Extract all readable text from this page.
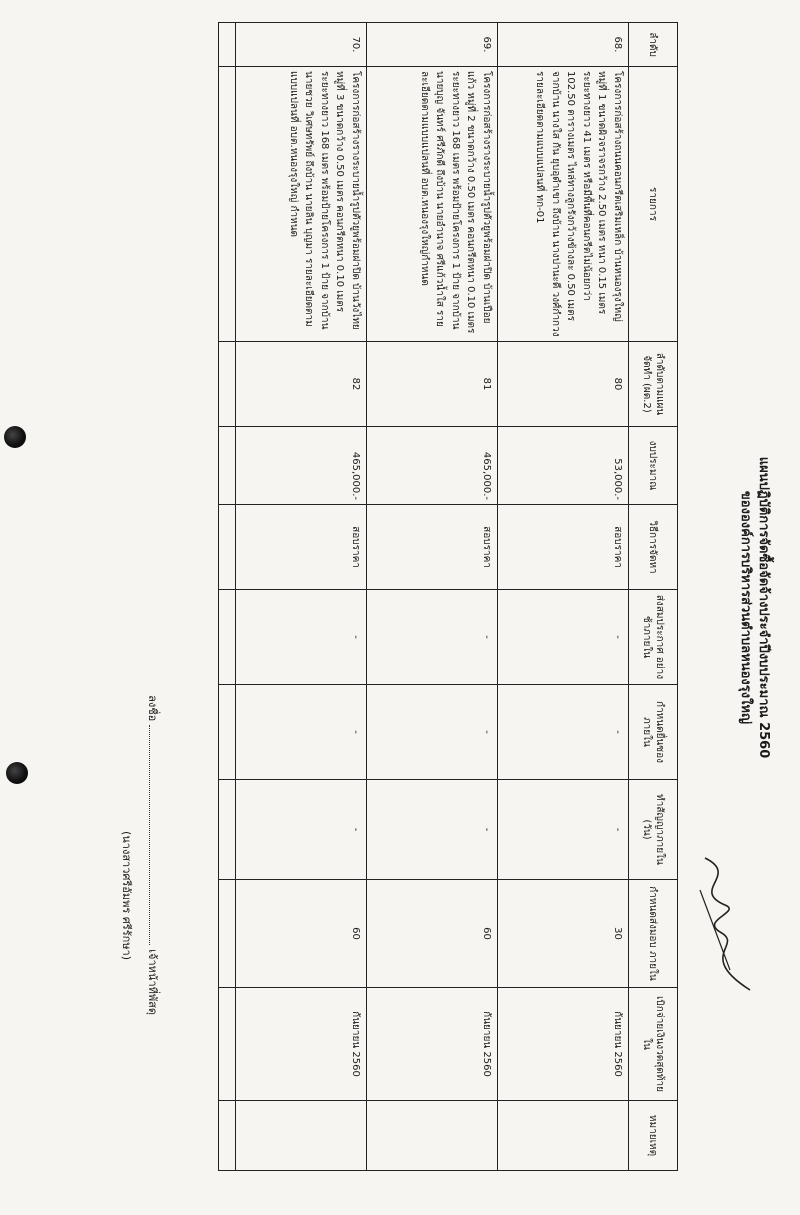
แผนปฏิบัติการจัดซื้อจัดจ้างประจำปีงบประมาณ 2560
ขององค์การบริหารส่วนตำบลหนองรุงใหญ่
ลำดับ	รายการ	ลำดับตามแผน จัดทำ (ผด.2)	งบประมาณ	วิธีการจัดหา	ส่งสมประกาศ อย่างช้าภายใน	กำหนดยื่นซอง ภายใน	ทำสัญญาภายใน (วัน)	กำหนดส่งมอบ ภายใน	เบิกจ่ายเงินงวดสุดท้าย ใน	หมายเหตุ
68.	โครงการก่อสร้างถนนคอนกรีตเสริมเหล็ก บ้านหนองรุงใหญ่ หมู่ที่ 1 ขนาดผิวจราจรกว้าง 2.50 เมตร หนา 0.15 เมตร ระยะทางยาว 41 เมตร หรือมีพื้นที่คอนกรีตไม่น้อยกว่า 102.50 ตารางเมตร ไหล่ทางลูกรังกว้างข้างละ 0.50 เมตร จากบ้าน นางใส กัน ยุบอุดำเขา ถึงบ้าน นางปานะดี วงศ์กำกวง รายละเอียดตามแบบแปลนที่ ทก-01	80	53,000.-	สอบราคา	-	-	-	30	กันยายน 2560	
69.	โครงการก่อสร้างรางระบายน้ำรูปตัวยูพร้อมฝาปิด บ้านเปือยแก้ว หมู่ที่ 2 ขนาดกว้าง 0.50 เมตร คอนกรีตหนา 0.10 เมตร ระยะทางยาว 168 เมตร พร้อมป้ายโครงการ 1 ป้าย จากบ้าน นายบุญ จันทร์ ศรีภักดี ถึงบ้าน นายอำนาจ ศรีแก้วน้ำใส รายละเอียดตามแบบแปลนที่ อบต.หนองรุงใหญ่กำหนด	81	465,000.-	สอบราคา	-	-	-	60	กันยายน 2560	
70.	โครงการก่อสร้างรางระบายน้ำรูปตัวยูพร้อมฝาปิด บ้านวังไทย หมู่ที่ 3 ขนาดกว้าง 0.50 เมตร คอนกรีตหนา 0.10 เมตร ระยะทางยาว 168 เมตร พร้อมป้ายโครงการ 1 ป้าย จากบ้าน นายชวย วิเศษทรัพย์ ถึงบ้าน นายลิน บุญมา รายละเอียดตามแบบแปลนที่ อบต.หนองรุงใหญ่ กำหนด	82	465,000.-	สอบราคา	-	-	-	60	กันยายน 2560	

ลงชื่อเจ้าหน้าที่พัสดุ
(นางสาวศรีอัมพร ศรีรักษา)
